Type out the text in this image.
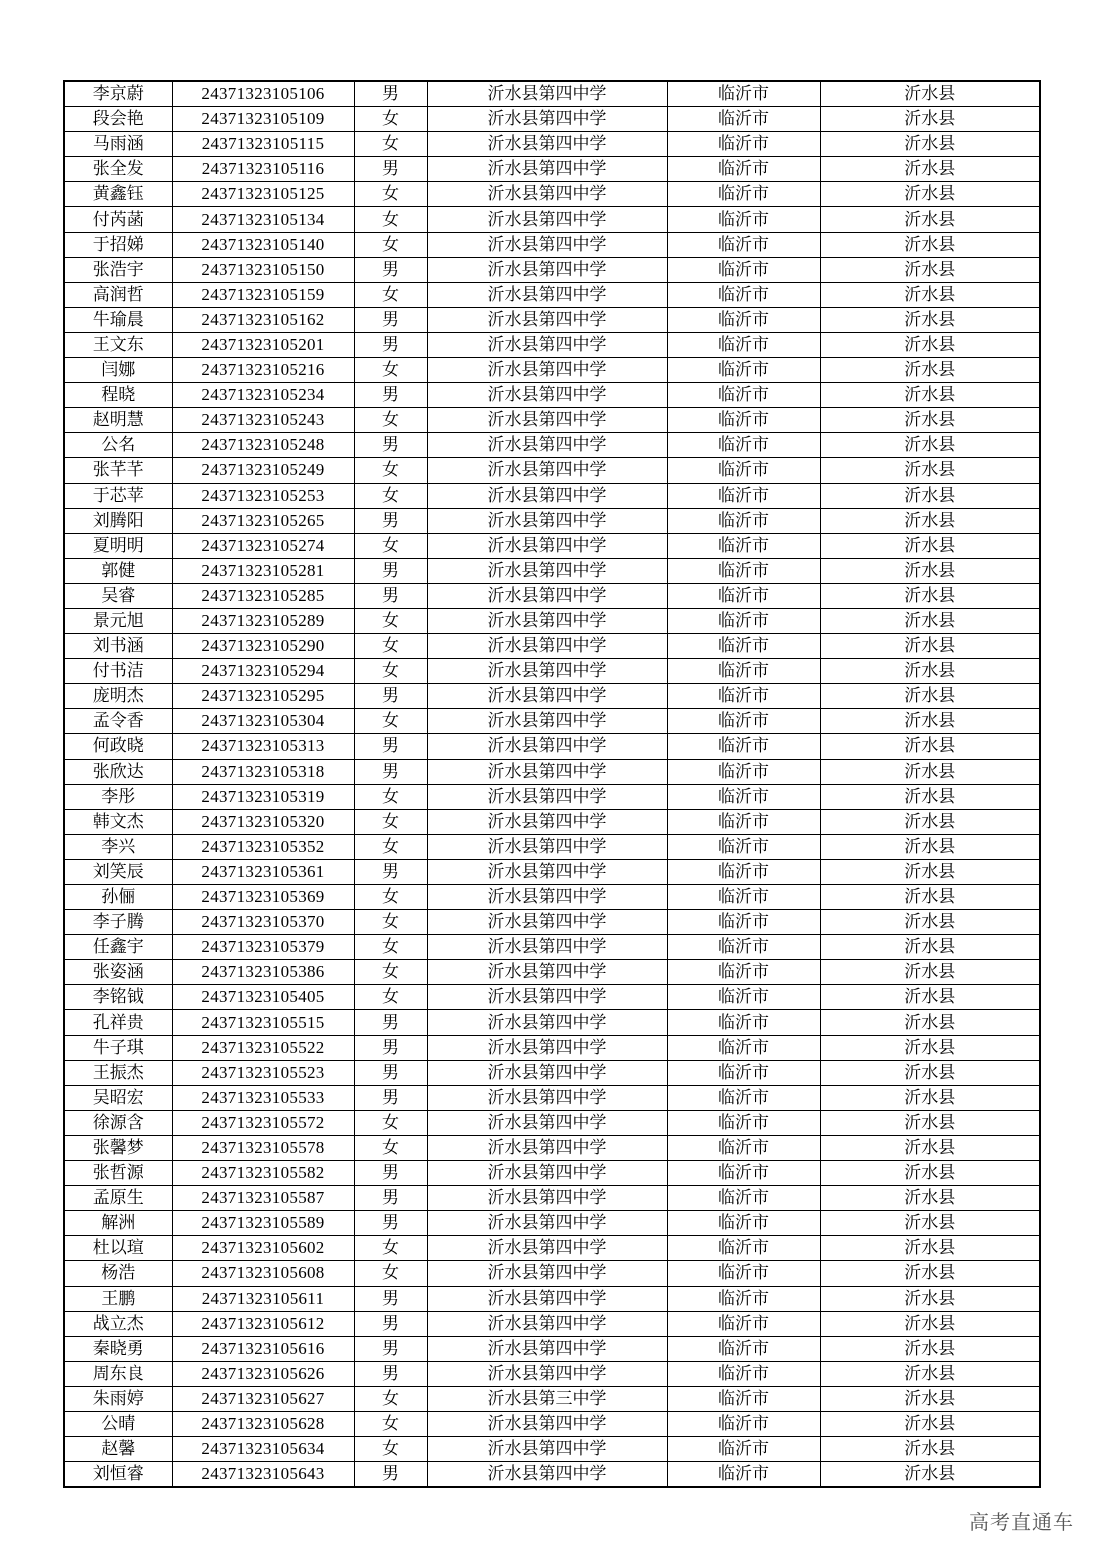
李京蔚	24371323105106	男	沂水县第四中学	临沂市	沂水县
段会艳	24371323105109	女	沂水县第四中学	临沂市	沂水县
马雨涵	24371323105115	女	沂水县第四中学	临沂市	沂水县
张全发	24371323105116	男	沂水县第四中学	临沂市	沂水县
黄鑫钰	24371323105125	女	沂水县第四中学	临沂市	沂水县
付芮菡	24371323105134	女	沂水县第四中学	临沂市	沂水县
于招娣	24371323105140	女	沂水县第四中学	临沂市	沂水县
张浩宇	24371323105150	男	沂水县第四中学	临沂市	沂水县
高润哲	24371323105159	女	沂水县第四中学	临沂市	沂水县
牛瑜晨	24371323105162	男	沂水县第四中学	临沂市	沂水县
王文东	24371323105201	男	沂水县第四中学	临沂市	沂水县
闫娜	24371323105216	女	沂水县第四中学	临沂市	沂水县
程晓	24371323105234	男	沂水县第四中学	临沂市	沂水县
赵明慧	24371323105243	女	沂水县第四中学	临沂市	沂水县
公名	24371323105248	男	沂水县第四中学	临沂市	沂水县
张芊芊	24371323105249	女	沂水县第四中学	临沂市	沂水县
于芯苹	24371323105253	女	沂水县第四中学	临沂市	沂水县
刘腾阳	24371323105265	男	沂水县第四中学	临沂市	沂水县
夏明明	24371323105274	女	沂水县第四中学	临沂市	沂水县
郭健	24371323105281	男	沂水县第四中学	临沂市	沂水县
吴睿	24371323105285	男	沂水县第四中学	临沂市	沂水县
景元旭	24371323105289	女	沂水县第四中学	临沂市	沂水县
刘书涵	24371323105290	女	沂水县第四中学	临沂市	沂水县
付书洁	24371323105294	女	沂水县第四中学	临沂市	沂水县
庞明杰	24371323105295	男	沂水县第四中学	临沂市	沂水县
孟令香	24371323105304	女	沂水县第四中学	临沂市	沂水县
何政晓	24371323105313	男	沂水县第四中学	临沂市	沂水县
张欣达	24371323105318	男	沂水县第四中学	临沂市	沂水县
李彤	24371323105319	女	沂水县第四中学	临沂市	沂水县
韩文杰	24371323105320	女	沂水县第四中学	临沂市	沂水县
李兴	24371323105352	女	沂水县第四中学	临沂市	沂水县
刘笑辰	24371323105361	男	沂水县第四中学	临沂市	沂水县
孙俪	24371323105369	女	沂水县第四中学	临沂市	沂水县
李子腾	24371323105370	女	沂水县第四中学	临沂市	沂水县
任鑫宇	24371323105379	女	沂水县第四中学	临沂市	沂水县
张姿涵	24371323105386	女	沂水县第四中学	临沂市	沂水县
李铭钺	24371323105405	女	沂水县第四中学	临沂市	沂水县
孔祥贵	24371323105515	男	沂水县第四中学	临沂市	沂水县
牛子琪	24371323105522	男	沂水县第四中学	临沂市	沂水县
王振杰	24371323105523	男	沂水县第四中学	临沂市	沂水县
吴昭宏	24371323105533	男	沂水县第四中学	临沂市	沂水县
徐源含	24371323105572	女	沂水县第四中学	临沂市	沂水县
张馨梦	24371323105578	女	沂水县第四中学	临沂市	沂水县
张哲源	24371323105582	男	沂水县第四中学	临沂市	沂水县
孟原生	24371323105587	男	沂水县第四中学	临沂市	沂水县
解洲	24371323105589	男	沂水县第四中学	临沂市	沂水县
杜以瑄	24371323105602	女	沂水县第四中学	临沂市	沂水县
杨浩	24371323105608	女	沂水县第四中学	临沂市	沂水县
王鹏	24371323105611	男	沂水县第四中学	临沂市	沂水县
战立杰	24371323105612	男	沂水县第四中学	临沂市	沂水县
秦晓勇	24371323105616	男	沂水县第四中学	临沂市	沂水县
周东良	24371323105626	男	沂水县第四中学	临沂市	沂水县
朱雨婷	24371323105627	女	沂水县第三中学	临沂市	沂水县
公晴	24371323105628	女	沂水县第四中学	临沂市	沂水县
赵馨	24371323105634	女	沂水县第四中学	临沂市	沂水县
刘恒睿	24371323105643	男	沂水县第四中学	临沂市	沂水县
高考直通车
